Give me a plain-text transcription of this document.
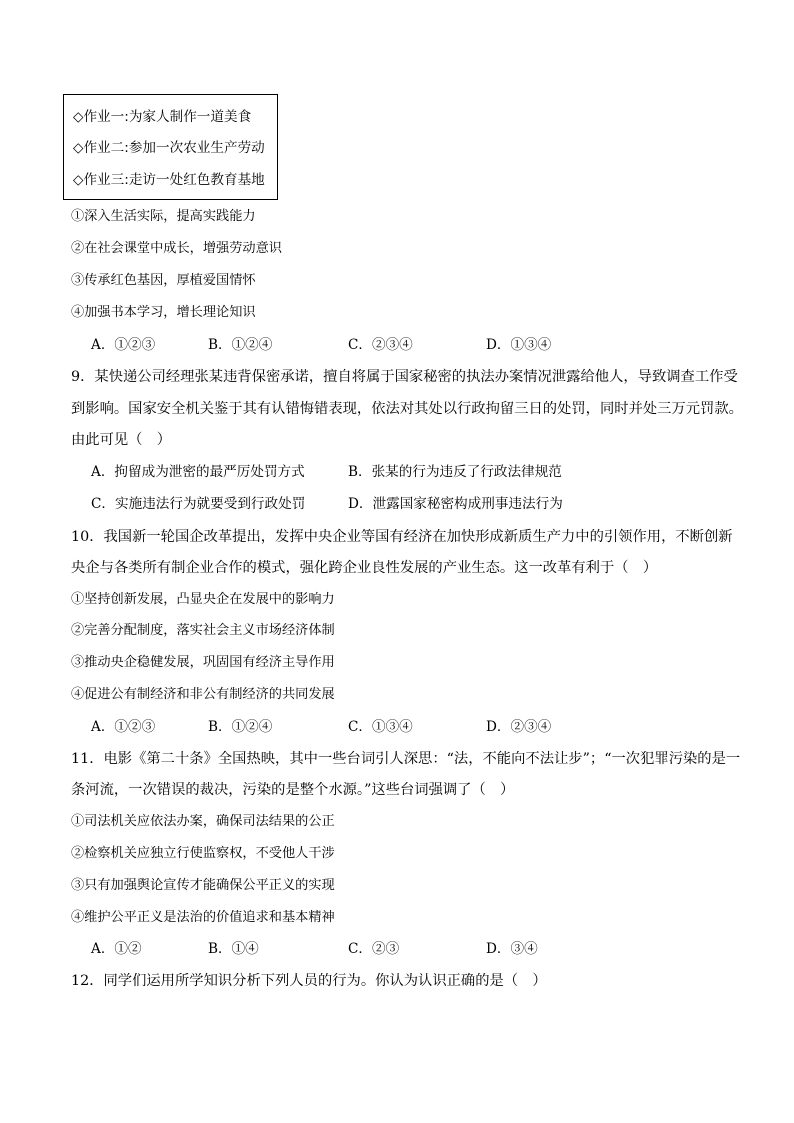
◇作业一:为家人制作一道美食
◇作业二:参加一次农业生产劳动
◇作业三:走访一处红色教育基地
①深入生活实际，提高实践能力
②在社会课堂中成长，增强劳动意识
③传承红色基因，厚植爱国情怀
④加强书本学习，增长理论知识
A．①②③	B．①②④	C．②③④	D．①③④
9．某快递公司经理张某违背保密承诺，擅自将属于国家秘密的执法办案情况泄露给他人，导致调查工作受
到影响。国家安全机关鉴于其有认错悔错表现，依法对其处以行政拘留三日的处罚，同时并处三万元罚款。
由此可见（　）
A．拘留成为泄密的最严厉处罚方式	B．张某的行为违反了行政法律规范
C．实施违法行为就要受到行政处罚	D．泄露国家秘密构成刑事违法行为
10．我国新一轮国企改革提出，发挥中央企业等国有经济在加快形成新质生产力中的引领作用，不断创新
央企与各类所有制企业合作的模式，强化跨企业良性发展的产业生态。这一改革有利于（　）
①坚持创新发展，凸显央企在发展中的影响力
②完善分配制度，落实社会主义市场经济体制
③推动央企稳健发展，巩固国有经济主导作用
④促进公有制经济和非公有制经济的共同发展
A．①②③	B．①②④	C．①③④	D．②③④
11．电影《第二十条》全国热映，其中一些台词引人深思：“法，不能向不法让步”；“一次犯罪污染的是一
条河流，一次错误的裁决，污染的是整个水源。”这些台词强调了（　）
①司法机关应依法办案，确保司法结果的公正
②检察机关应独立行使监察权，不受他人干涉
③只有加强舆论宣传才能确保公平正义的实现
④维护公平正义是法治的价值追求和基本精神
A．①②	B．①④	C．②③	D．③④
12．同学们运用所学知识分析下列人员的行为。你认为认识正确的是（　）
